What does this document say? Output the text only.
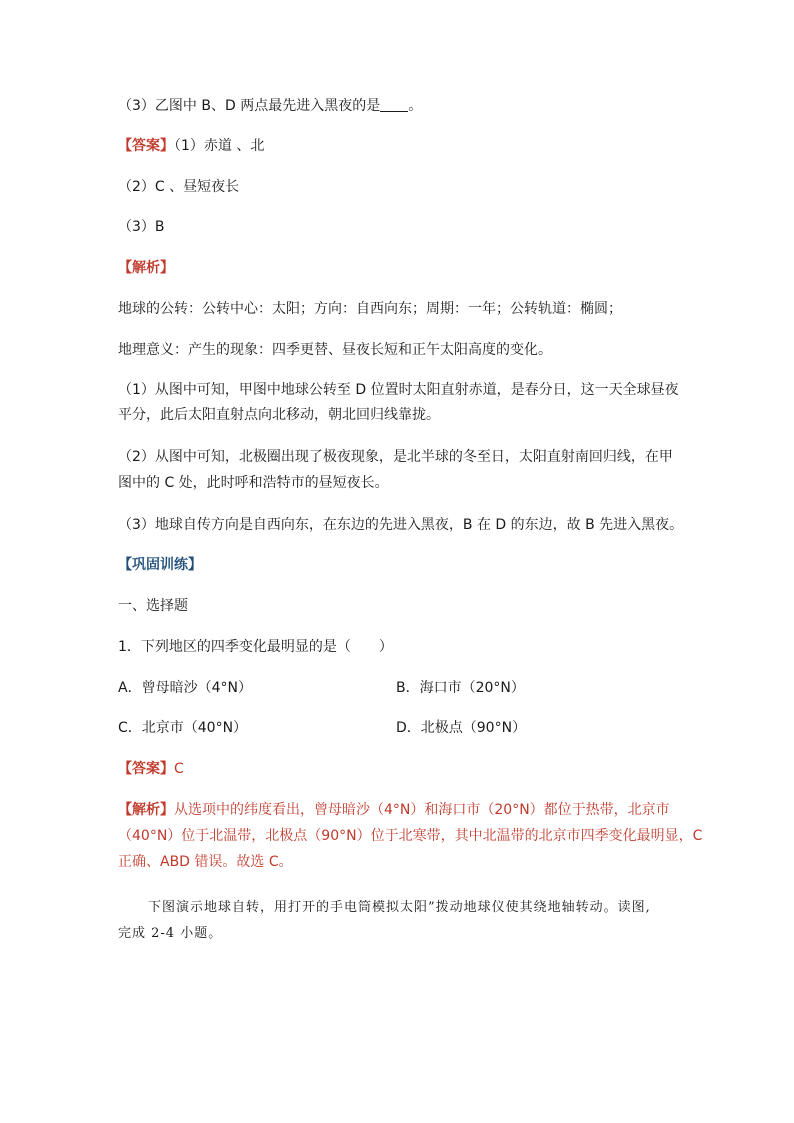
（3）乙图中 B、D 两点最先进入黑夜的是 。
【答案】（1）赤道 、北
（2）C 、昼短夜长
（3）B
【解析】
地球的公转：公转中心：太阳；方向：自西向东；周期：一年；公转轨道：椭圆；
地理意义：产生的现象：四季更替、昼夜长短和正午太阳高度的变化。
（1）从图中可知，甲图中地球公转至 D 位置时太阳直射赤道，是春分日，这一天全球昼夜
平分，此后太阳直射点向北移动，朝北回归线靠拢。
（2）从图中可知，北极圈出现了极夜现象，是北半球的冬至日，太阳直射南回归线，在甲
图中的 C 处，此时呼和浩特市的昼短夜长。
（3）地球自传方向是自西向东，在东边的先进入黑夜，B 在 D 的东边，故 B 先进入黑夜。
【巩固训练】
一、选择题
1．下列地区的四季变化最明显的是（　　）
A．曾母暗沙（4°N）	B．海口市（20°N）
C．北京市（40°N）	D．北极点（90°N）
【答案】C
【解析】从选项中的纬度看出，曾母暗沙（4°N）和海口市（20°N）都位于热带，北京市
（40°N）位于北温带，北极点（90°N）位于北寒带，其中北温带的北京市四季变化最明显，C
正确、ABD 错误。故选 C。
下图演示地球自转，用打开的手电筒模拟太阳”拨动地球仪使其绕地轴转动。读图,
完成 2-4 小题。
